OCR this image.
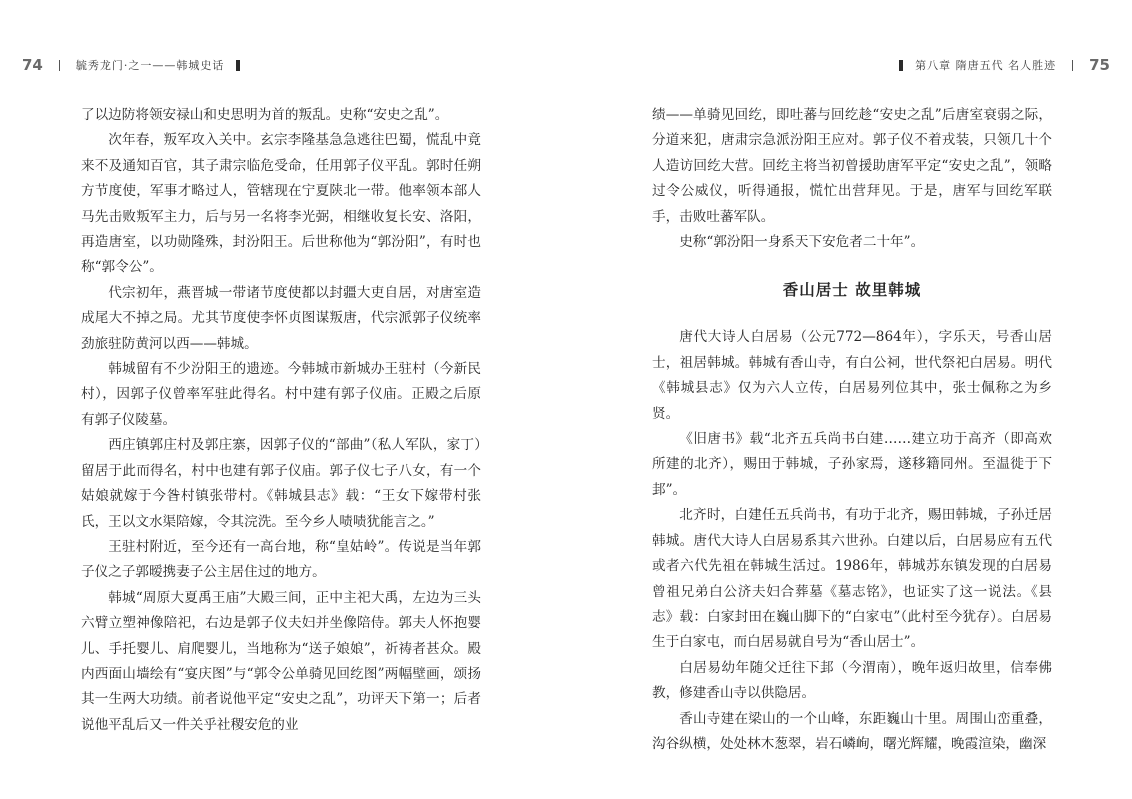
74	毓秀龙门·之一——韩城史话

了以边防将领安禄山和史思明为首的叛乱。史称“安史之乱”。

次年春，叛军攻入关中。玄宗李隆基急急逃往巴蜀，慌乱中竟来不及通知百官，其子肃宗临危受命，任用郭子仪平乱。郭时任朔方节度使，军事才略过人，管辖现在宁夏陕北一带。他率领本部人马先击败叛军主力，后与另一名将李光弼，相继收复长安、洛阳，再造唐室，以功勋隆殊，封汾阳王。后世称他为“郭汾阳”，有时也称“郭令公”。

代宗初年，燕晋城一带诸节度使都以封疆大吏自居，对唐室造成尾大不掉之局。尤其节度使李怀贞图谋叛唐，代宗派郭子仪统率劲旅驻防黄河以西——韩城。

韩城留有不少汾阳王的遗迹。今韩城市新城办王驻村（今新民村），因郭子仪曾率军驻此得名。村中建有郭子仪庙。正殿之后原有郭子仪陵墓。

西庄镇郭庄村及郭庄寨，因郭子仪的“部曲”（私人军队，家丁）留居于此而得名，村中也建有郭子仪庙。郭子仪七子八女，有一个姑娘就嫁于今昝村镇张带村。《韩城县志》载：“王女下嫁带村张氏，王以文水渠陪嫁，令其浣洗。至今乡人啧啧犹能言之。”

王驻村附近，至今还有一高台地，称“皇姑岭”。传说是当年郭子仪之子郭暧携妻子公主居住过的地方。

韩城“周原大夏禹王庙”大殿三间，正中主祀大禹，左边为三头六臂立塑神像陪祀，右边是郭子仪夫妇并坐像陪侍。郭夫人怀抱婴儿、手托婴儿、肩爬婴儿，当地称为“送子娘娘”，祈祷者甚众。殿内西面山墙绘有“宴庆图”与“郭令公单骑见回纥图”两幅壁画，颂扬其一生两大功绩。前者说他平定“安史之乱”，功评天下第一；后者说他平乱后又一件关乎社稷安危的业

第八章 隋唐五代 名人胜迹 75

绩——单骑见回纥，即吐蕃与回纥趁“安史之乱”后唐室衰弱之际，分道来犯，唐肃宗急派汾阳王应对。郭子仪不着戎装，只领几十个人造访回纥大营。回纥主将当初曾援助唐军平定“安史之乱”，领略过令公威仪，听得通报，慌忙出营拜见。于是，唐军与回纥军联手，击败吐蕃军队。

史称“郭汾阳一身系天下安危者二十年”。

香山居士 故里韩城

唐代大诗人白居易（公元772—864年），字乐天，号香山居士，祖居韩城。韩城有香山寺，有白公祠，世代祭祀白居易。明代《韩城县志》仅为六人立传，白居易列位其中，张士佩称之为乡贤。

《旧唐书》载“北齐五兵尚书白建……建立功于高齐（即高欢所建的北齐），赐田于韩城，子孙家焉，遂移籍同州。至温徙于下邽”。

北齐时，白建任五兵尚书，有功于北齐，赐田韩城，子孙迁居韩城。唐代大诗人白居易系其六世孙。白建以后，白居易应有五代或者六代先祖在韩城生活过。1986年，韩城苏东镇发现的白居易曾祖兄弟白公济夫妇合葬墓《墓志铭》，也证实了这一说法。《县志》载：白家封田在巍山脚下的“白家屯”（此村至今犹存）。白居易生于白家屯，而白居易就自号为“香山居士”。

白居易幼年随父迁往下邽（今渭南），晚年返归故里，信奉佛教，修建香山寺以供隐居。

香山寺建在梁山的一个山峰，东距巍山十里。周围山峦重叠，沟谷纵横，处处林木葱翠，岩石嶙峋，曙光辉耀，晚霞渲染，幽深
